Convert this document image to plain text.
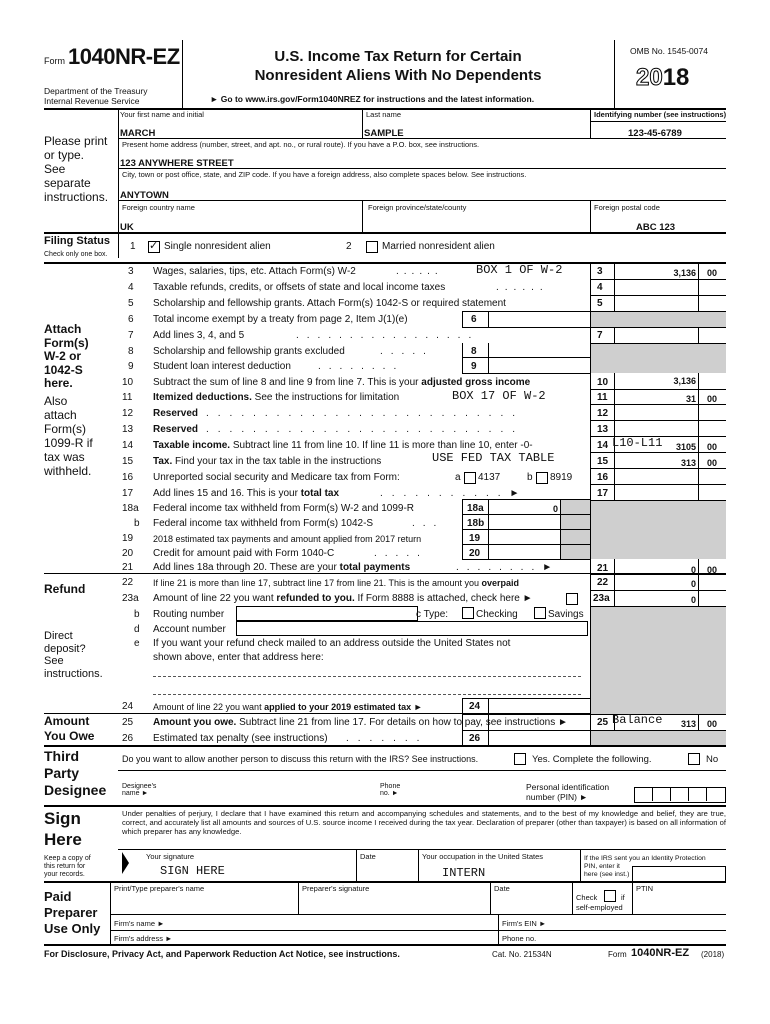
Form 1040NR-EZ
Department of the Treasury
Internal Revenue Service
U.S. Income Tax Return for Certain
Nonresident Aliens With No Dependents
► Go to www.irs.gov/Form1040NREZ for instructions and the latest information.
OMB No. 1545-0074
2018
Your first name and initial	Last name	Identifying number (see instructions)
MARCH	SAMPLE	123-45-6789
Please print
or type.
See
separate
instructions.
Present home address (number, street, and apt. no., or rural route). If you have a P.O. box, see instructions.
123 ANYWHERE STREET
City, town or post office, state, and ZIP code. If you have a foreign address, also complete spaces below. See instructions.
ANYTOWN
Foreign country name	Foreign province/state/county	Foreign postal code
UK	ABC 123
Filing Status
Check only one box.
1 ✓ Single nonresident alien	2	Married nonresident alien
Attach
Form(s)
W-2 or
1042-S
here.
Also
attach
Form(s)
1099-R if
tax was
withheld.
Refund
Direct
deposit?
See
instructions.
Amount
You Owe
3 Wages, salaries, tips, etc. Attach Form(s) W-2	......	BOX 1 OF W-2	3	3,136	00
4 Taxable refunds, credits, or offsets of state and local income taxes	......	4
5 Scholarship and fellowship grants. Attach Form(s) 1042-S or required statement	5
6 Total income exempt by a treaty from page 2, Item J(1)(e)	6
7 Add lines 3, 4, and 5	.................	7
8 Scholarship and fellowship grants excluded	.....	8
9 Student loan interest deduction	........	9
10 Subtract the sum of line 8 and line 9 from line 7. This is your adjusted gross income	10	3,136
11 Itemized deductions. See the instructions for limitation	BOX 17 OF W-2	11	31	00
12 Reserved ...........................	12
13 Reserved ...........................	13
14 Taxable income. Subtract line 11 from line 10. If line 11 is more than line 10, enter -0-	14 L10-L11	3105	00
15 Tax. Find your tax in the tax table in the instructions	USE FED TAX TABLE	15	313	00
16 Unreported social security and Medicare tax from Form:	a 4137	b 8919 16
17 Add lines 15 and 16. This is your total tax	...........►	17
18a Federal income tax withheld from Form(s) W-2 and 1099-R	18a	0
b Federal income tax withheld from Form(s) 1042-S	... 18b
19 2018 estimated tax payments and amount applied from 2017 return	19
20 Credit for amount paid with Form 1040-C	.....	20
21 Add lines 18a through 20. These are your total payments	........►	21	0	00
22 If line 21 is more than line 17, subtract line 17 from line 21. This is the amount you overpaid	22	0
23a Amount of line 22 you want refunded to you. If Form 8888 is attached, check here ►	23a	0
b Routing number	c Type:	Checking	Savings
d Account number
e If you want your refund check mailed to an address outside the United States not
shown above, enter that address here:
24 Amount of line 22 you want applied to your 2019 estimated tax ►	24
25 Amount you owe. Subtract line 21 from line 17. For details on how to pay, see instructions ►	25 Balance	313	00
26 Estimated tax penalty (see instructions) .......	26
Third
Party
Designee
Do you want to allow another person to discuss this return with the IRS? See instructions.	Yes. Complete the following.	No
Designee's
name ►
Phone
no. ►
Personal identification
number (PIN) ►
Sign
Here
Under penalties of perjury, I declare that I have examined this return and accompanying schedules and statements, and to the best of my knowledge and belief, they are true, correct, and accurately list all amounts and sources of U.S. source income I received during the tax year. Declaration of preparer (other than taxpayer) is based on all information of which preparer has any knowledge.
Keep a copy of
this return for
your records.
Your signature
SIGN HERE
Date	Your occupation in the United States
INTERN
If the IRS sent you an Identity Protection
PIN, enter it
here (see inst.)
Paid
Preparer
Use Only
Print/Type preparer's name	Preparer's signature	Date
Check	if
self-employed
PTIN
Firm's name ►	Firm's EIN ►
Firm's address ►	Phone no.
For Disclosure, Privacy Act, and Paperwork Reduction Act Notice, see instructions.	Cat. No. 21534N	Form 1040NR-EZ (2018)
